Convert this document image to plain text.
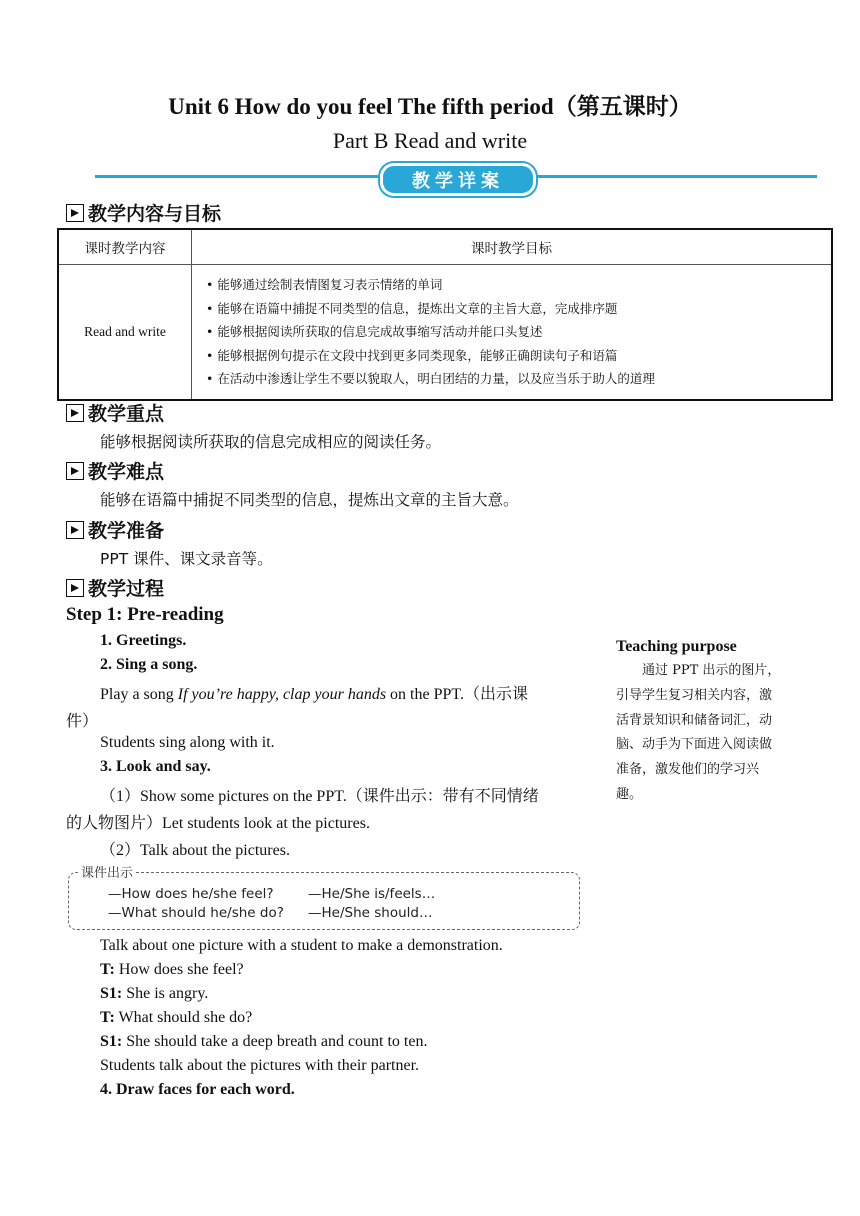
Unit 6 How do you feel The fifth period（第五课时）
Part B Read and write
教学详案
教学内容与目标
课时教学内容	课时教学目标
Read and write	• 能够通过绘制表情图复习表示情绪的单词
• 能够在语篇中捕捉不同类型的信息，提炼出文章的主旨大意，完成排序题
• 能够根据阅读所获取的信息完成故事缩写活动并能口头复述
• 能够根据例句提示在文段中找到更多同类现象，能够正确朗读句子和语篇
• 在活动中渗透让学生不要以貌取人，明白团结的力量，以及应当乐于助人的道理
教学重点
能够根据阅读所获取的信息完成相应的阅读任务。
教学难点
能够在语篇中捕捉不同类型的信息，提炼出文章的主旨大意。
教学准备
PPT 课件、课文录音等。
教学过程
Step 1: Pre-reading
1. Greetings.
2. Sing a song.
Play a song If you’re happy, clap your hands on the PPT.（出示课
件）
Students sing along with it.
3. Look and say.
（1）Show some pictures on the PPT.（课件出示：带有不同情绪
的人物图片）Let students look at the pictures.
（2）Talk about the pictures.
课件出示
—How does he/she feel?	—He/She is/feels…
—What should he/she do? —He/She should…
Talk about one picture with a student to make a demonstration.
T: How does she feel?
S1: She is angry.
T: What should she do?
S1: She should take a deep breath and count to ten.
Students talk about the pictures with their partner.
4. Draw faces for each word.
Teaching purpose
　　通过 PPT 出示的图片，
引导学生复习相关内容，激
活背景知识和储备词汇，动
脑、动手为下面进入阅读做
准备，激发他们的学习兴
趣。
